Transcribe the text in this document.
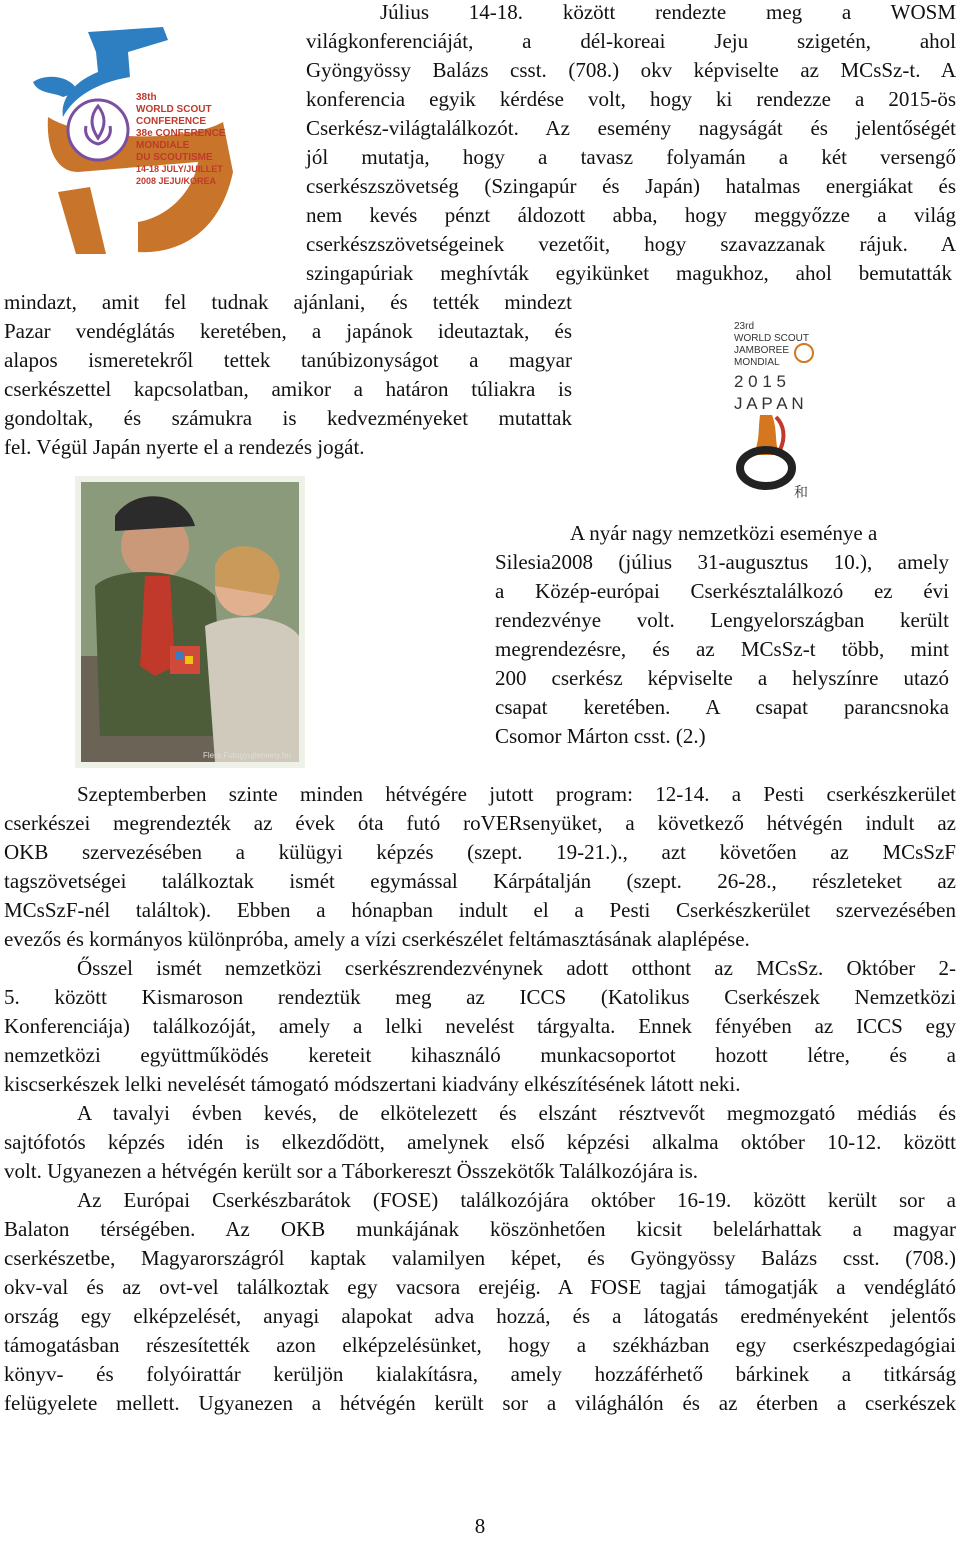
Július 14-18. között rendezte meg a WOSM
világkonferenciáját, a dél-koreai Jeju szigetén, ahol
Gyöngyössy Balázs csst. (708.) okv képviselte az MCsSz-t. A
konferencia egyik kérdése volt, hogy ki rendezze a 2015-ös
Cserkész-világtalálkozót. Az esemény nagyságát és jelentőségét
jól mutatja, hogy a tavasz folyamán a két versengő
cserkészszövetség (Szingapúr és Japán) hatalmas energiákat és
nem kevés pénzt áldozott abba, hogy meggyőzze a világ
cserkészszövetségeinek vezetőit, hogy szavazzanak rájuk. A
szingapúriak meghívták egyikünket magukhoz, ahol bemutatták
mindazt, amit fel tudnak ajánlani, és tették mindezt
Pazar vendéglátás keretében, a japánok ideutaztak, és
alapos ismeretekről tettek tanúbizonyságot a magyar
cserkészettel kapcsolatban, amikor a határon túliakra is
gondoltak, és számukra is kedvezményeket mutattak
fel. Végül Japán nyerte el a rendezés jogát.
38th
WORLD SCOUT
CONFERENCE
38e CONFERENCE
MONDIALE
DU SCOUTISME
14-18 JULY/JUILLET
2008 JEJU/KOREA
23rd
WORLD SCOUT
JAMBOREE
MONDIAL
2 0 1 5
J A P A N
和
Flera.Fotogyujtemeny.hu
A nyár nagy nemzetközi eseménye a
Silesia2008 (július 31-augusztus 10.), amely
a Közép-európai Cserkésztalálkozó ez évi
rendezvénye volt. Lengyelországban került
megrendezésre, és az MCsSz-t több, mint
200 cserkész képviselte a helyszínre utazó
csapat keretében. A csapat parancsnoka
Csomor Márton csst. (2.)
Szeptemberben szinte minden hétvégére jutott program: 12-14. a Pesti cserkészkerület
cserkészei megrendezték az évek óta futó roVERsenyüket, a következő hétvégén indult az
OKB szervezésében a külügyi képzés (szept. 19-21.)., azt követően az MCsSzF
tagszövetségei találkoztak ismét egymással Kárpátalján (szept. 26-28., részleteket az
MCsSzF-nél találtok). Ebben a hónapban indult el a Pesti Cserkészkerület szervezésében
evezős és kormányos különpróba, amely a vízi cserkészélet feltámasztásának alaplépése.
Ősszel ismét nemzetközi cserkészrendezvénynek adott otthont az MCsSz. Október 2-
5. között Kismaroson rendeztük meg az ICCS (Katolikus Cserkészek Nemzetközi
Konferenciája) találkozóját, amely a lelki nevelést tárgyalta. Ennek fényében az ICCS egy
nemzetközi együttműködés kereteit kihasználó munkacsoportot hozott létre, és a
kiscserkészek lelki nevelését támogató módszertani kiadvány elkészítésének látott neki.
A tavalyi évben kevés, de elkötelezett és elszánt résztvevőt megmozgató médiás és
sajtófotós képzés idén is elkezdődött, amelynek első képzési alkalma október 10-12. között
volt. Ugyanezen a hétvégén került sor a Táborkereszt Összekötők Találkozójára is.
Az Európai Cserkészbarátok (FOSE) találkozójára október 16-19. között került sor a
Balaton térségében. Az OKB munkájának köszönhetően kicsit belelárhattak a magyar
cserkészetbe, Magyarországról kaptak valamilyen képet, és Gyöngyössy Balázs csst. (708.)
okv-val és az ovt-vel találkoztak egy vacsora erejéig. A FOSE tagjai támogatják a vendéglátó
ország egy elképzelését, anyagi alapokat adva hozzá, és a látogatás eredményeként jelentős
támogatásban részesítették azon elképzelésünket, hogy a székházban egy cserkészpedagógiai
könyv- és folyóirattár kerüljön kialakításra, amely hozzáférhető bárkinek a titkárság
felügyelete mellett. Ugyanezen a hétvégén került sor a világhálón és az éterben a cserkészek
8
